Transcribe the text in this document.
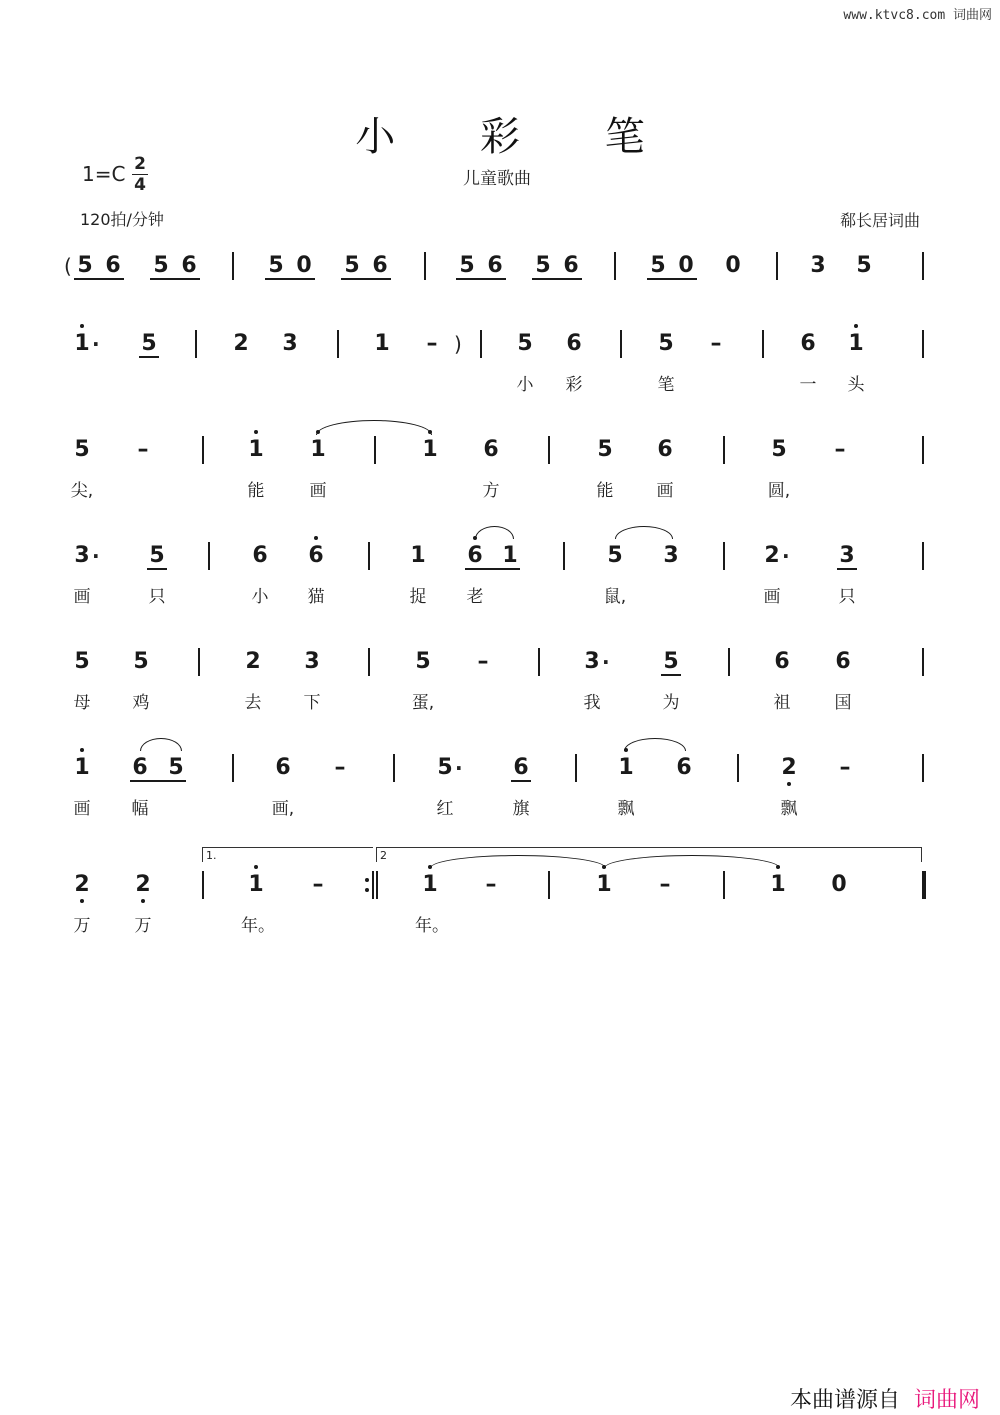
www.ktvc8.com 词曲网
小 彩 笔
1=C 2
4	儿童歌曲
120拍/分钟	郗长居词曲
5 6 5 6	5 0 5 6	5 6 5 6	5 0 0	3 5
1 · 5	2 3	1 –	5 6	5 –	6 1
小	彩	笔	一	头
5 –	1 1	1 6	5 6	5 –
尖,	能	画	方	能	画	圆,
3 · 5	6 6	1 6 1	5 3	2 · 3
画	只	小	猫	捉	老	鼠,	画	只
5 5	2 3	5 –	3 · 5	6 6
母	鸡	去	下	蛋,	我	为	祖	国
1 6 5	6 –	5 · 6	1 6	2 –
画	幅	画,	红	旗	飘	飘
2 2	1 –	1 –	1 –	1 0
万	万	年。	年。
(
)
1.	2
本曲谱源自 词曲网
